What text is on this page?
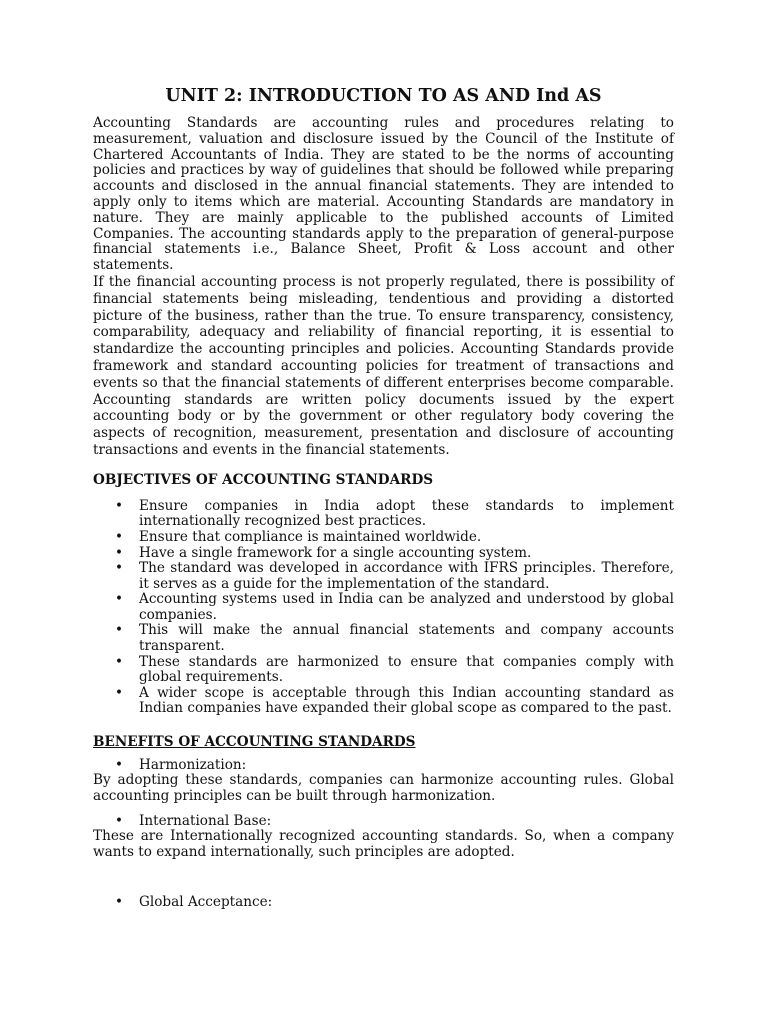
UNIT 2: INTRODUCTION TO AS AND Ind AS

Accounting Standards are accounting rules and procedures relating to measurement, valuation and disclosure issued by the Council of the Institute of Chartered Accountants of India. They are stated to be the norms of accounting policies and practices by way of guidelines that should be followed while preparing accounts and disclosed in the annual financial statements. They are intended to apply only to items which are material. Accounting Standards are mandatory in nature. They are mainly applicable to the published accounts of Limited Companies. The accounting standards apply to the preparation of general-purpose financial statements i.e., Balance Sheet, Profit & Loss account and other statements.

If the financial accounting process is not properly regulated, there is possibility of financial statements being misleading, tendentious and providing a distorted picture of the business, rather than the true. To ensure transparency, consistency, comparability, adequacy and reliability of financial reporting, it is essential to standardize the accounting principles and policies. Accounting Standards provide framework and standard accounting policies for treatment of transactions and events so that the financial statements of different enterprises become comparable. Accounting standards are written policy documents issued by the expert accounting body or by the government or other regulatory body covering the aspects of recognition, measurement, presentation and disclosure of accounting transactions and events in the financial statements.

OBJECTIVES OF ACCOUNTING STANDARDS
• Ensure companies in India adopt these standards to implement internationally recognized best practices.
• Ensure that compliance is maintained worldwide.
• Have a single framework for a single accounting system.
• The standard was developed in accordance with IFRS principles. Therefore, it serves as a guide for the implementation of the standard.
• Accounting systems used in India can be analyzed and understood by global companies.
• This will make the annual financial statements and company accounts transparent.
• These standards are harmonized to ensure that companies comply with global requirements.
• A wider scope is acceptable through this Indian accounting standard as Indian companies have expanded their global scope as compared to the past.
BENEFITS OF ACCOUNTING STANDARDS
• Harmonization:

By adopting these standards, companies can harmonize accounting rules. Global accounting principles can be built through harmonization.

• International Base:

These are Internationally recognized accounting standards. So, when a company wants to expand internationally, such principles are adopted.

• Global Acceptance:
